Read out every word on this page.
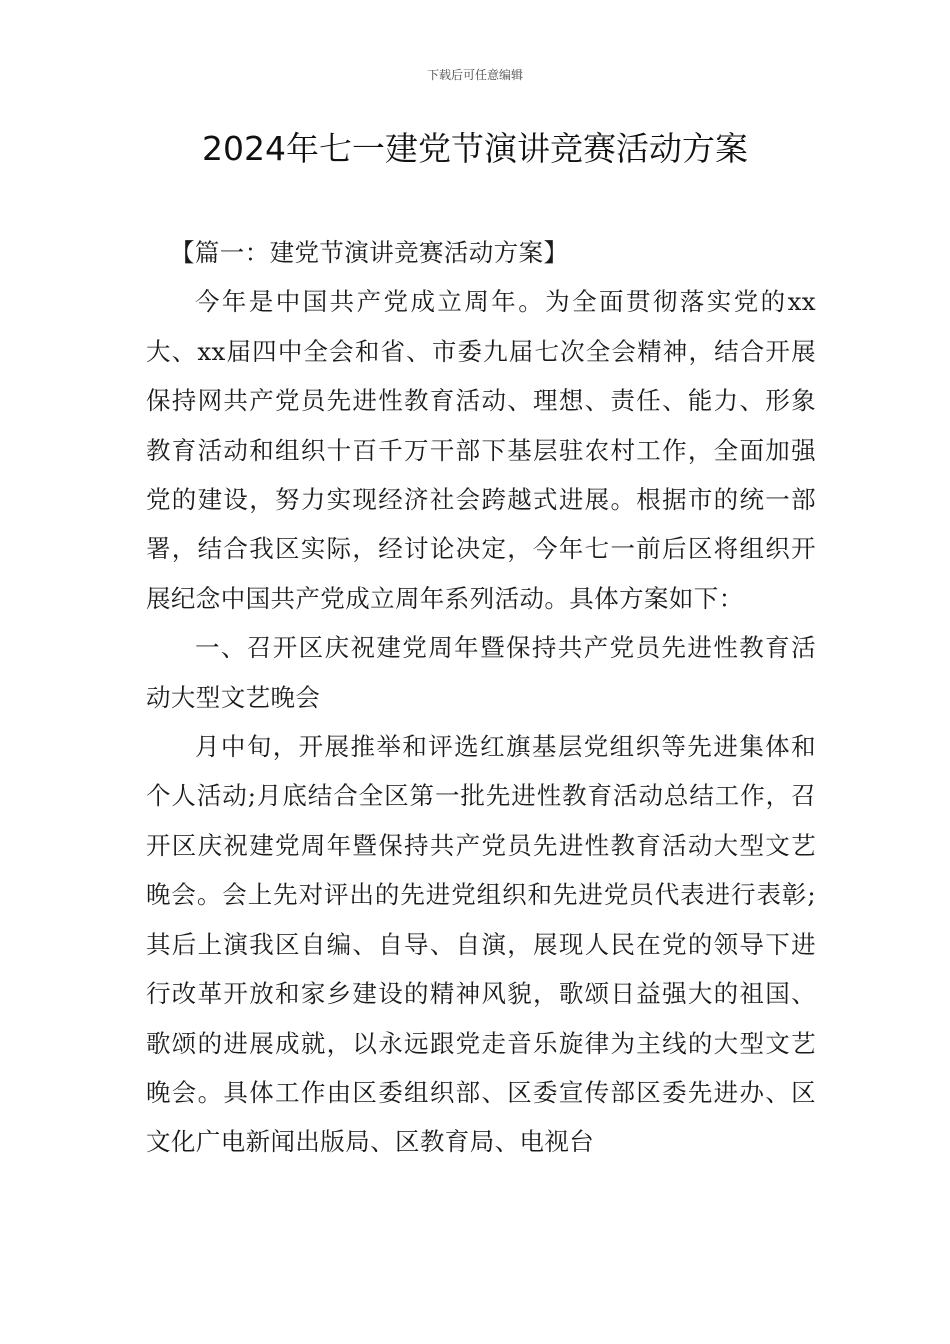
下载后可任意编辑
2024年七一建党节演讲竞赛活动方案

【篇一：建党节演讲竞赛活动方案】

今年是中国共产党成立周年。为全面贯彻落实党的xx大、xx届四中全会和省、市委九届七次全会精神，结合开展保持网共产党员先进性教育活动、理想、责任、能力、形象教育活动和组织十百千万干部下基层驻农村工作，全面加强党的建设，努力实现经济社会跨越式进展。根据市的统一部署，结合我区实际，经讨论决定，今年七一前后区将组织开展纪念中国共产党成立周年系列活动。具体方案如下：

一、召开区庆祝建党周年暨保持共产党员先进性教育活动大型文艺晚会

月中旬，开展推举和评选红旗基层党组织等先进集体和个人活动;月底结合全区第一批先进性教育活动总结工作，召开区庆祝建党周年暨保持共产党员先进性教育活动大型文艺晚会。会上先对评出的先进党组织和先进党员代表进行表彰;其后上演我区自编、自导、自演，展现人民在党的领导下进行改革开放和家乡建设的精神风貌，歌颂日益强大的祖国、歌颂的进展成就，以永远跟党走音乐旋律为主线的大型文艺晚会。具体工作由区委组织部、区委宣传部区委先进办、区文化广电新闻出版局、区教育局、电视台
